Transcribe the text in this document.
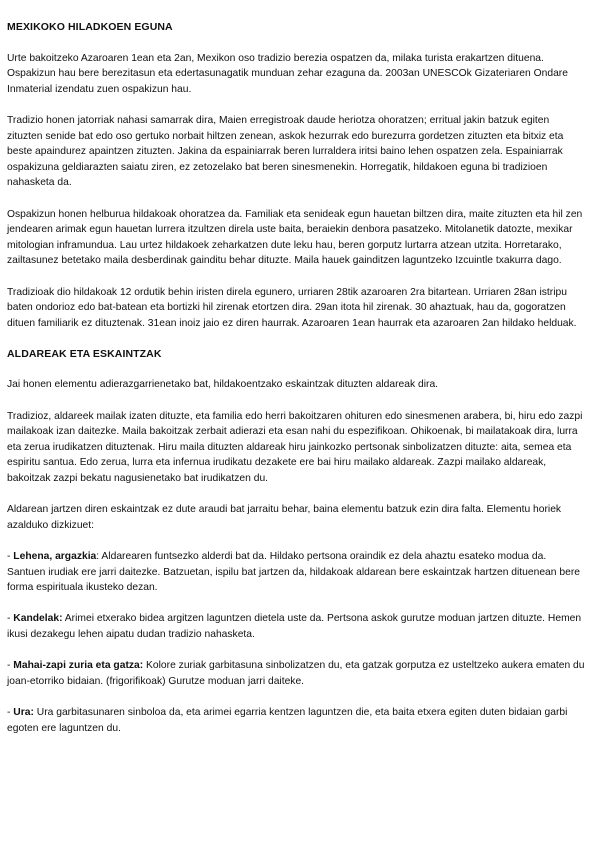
MEXIKOKO HILADKOEN EGUNA

Urte bakoitzeko Azaroaren 1ean eta 2an, Mexikon oso tradizio berezia ospatzen da, milaka turista erakartzen dituena. Ospakizun hau bere berezitasun eta edertasunagatik munduan zehar ezaguna da. 2003an UNESCOk Gizateriaren Ondare Inmaterial izendatu zuen ospakizun hau.

Tradizio honen jatorriak nahasi samarrak dira, Maien erregistroak daude heriotza ohoratzen; erritual jakin batzuk egiten zituzten senide bat edo oso gertuko norbait hiltzen zenean, askok hezurrak edo burezurra gordetzen zituzten eta bitxiz eta beste apaindurez apaintzen zituzten. Jakina da espainiarrak beren lurraldera iritsi baino lehen ospatzen zela. Espainiarrak ospakizuna geldiarazten saiatu ziren, ez zetozelako bat beren sinesmenekin. Horregatik, hildakoen eguna bi tradizioen nahasketa da.

Ospakizun honen helburua hildakoak ohoratzea da. Familiak eta senideak egun hauetan biltzen dira, maite zituzten eta hil zen jendearen arimak egun hauetan lurrera itzultzen direla uste baita, beraiekin denbora pasatzeko. Mitolanetik datozte, mexikar mitologian inframundua. Lau urtez hildakoek zeharkatzen dute leku hau, beren gorputz lurtarra atzean utzita. Horretarako, zailtasunez betetako maila desberdinak gainditu behar dituzte. Maila hauek gainditzen laguntzeko Izcuintle txakurra dago.

Tradizioak dio hildakoak 12 ordutik behin iristen direla egunero, urriaren 28tik azaroaren 2ra bitartean. Urriaren 28an istripu baten ondorioz edo bat-batean eta bortizki hil zirenak etortzen dira. 29an itota hil zirenak. 30 ahaztuak, hau da, gogoratzen dituen familiarik ez dituztenak. 31ean inoiz jaio ez diren haurrak. Azaroaren 1ean haurrak eta azaroaren 2an hildako helduak.

ALDAREAK ETA ESKAINTZAK

Jai honen elementu adierazgarrienetako bat, hildakoentzako eskaintzak dituzten aldareak dira.

Tradizioz, aldareek mailak izaten dituzte, eta familia edo herri bakoitzaren ohituren edo sinesmenen arabera, bi, hiru edo zazpi mailakoak izan daitezke. Maila bakoitzak zerbait adierazi eta esan nahi du espezifikoan. Ohikoenak, bi mailatakoak dira, lurra eta zerua irudikatzen dituztenak. Hiru maila dituzten aldareak hiru jainkozko pertsonak sinbolizatzen dituzte: aita, semea eta espiritu santua. Edo zerua, lurra eta infernua irudikatu dezakete ere bai hiru mailako aldareak. Zazpi mailako aldareak, bakoitzak zazpi bekatu nagusienetako bat irudikatzen du.

Aldarean jartzen diren eskaintzak ez dute araudi bat jarraitu behar, baina elementu batzuk ezin dira falta. Elementu horiek azalduko dizkizuet:

- Lehena, argazkia: Aldarearen funtsezko alderdi bat da. Hildako pertsona oraindik ez dela ahaztu esateko modua da. Santuen irudiak ere jarri daitezke. Batzuetan, ispilu bat jartzen da, hildakoak aldarean bere eskaintzak hartzen dituenean bere forma espirituala ikusteko dezan.

- Kandelak: Arimei etxerako bidea argitzen laguntzen dietela uste da. Pertsona askok gurutze moduan jartzen dituzte. Hemen ikusi dezakegu lehen aipatu dudan tradizio nahasketa.

- Mahai-zapi zuria eta gatza: Kolore zuriak garbitasuna sinbolizatzen du, eta gatzak gorputza ez usteltzeko aukera ematen du joan-etorriko bidaian. (frigorifikoak) Gurutze moduan jarri daiteke.

- Ura: Ura garbitasunaren sinboloa da, eta arimei egarria kentzen laguntzen die, eta baita etxera egiten duten bidaian garbi egoten ere laguntzen du.
